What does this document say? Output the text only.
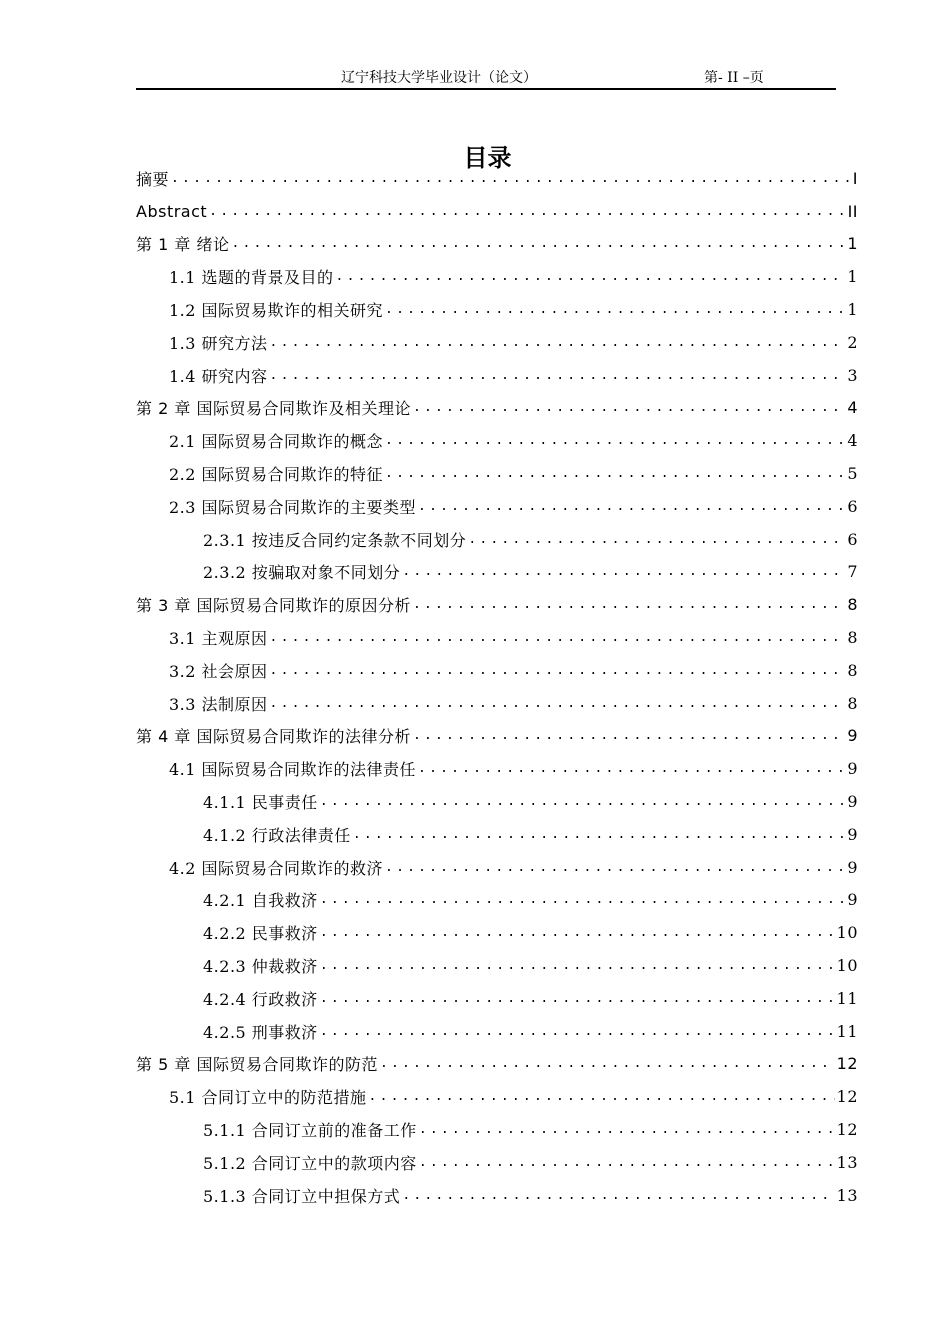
辽宁科技大学毕业设计（论文）	第- II –页
目录
摘要 .....	I
Abstract .....	II
第 1 章 绪论 .....	1
1.1 选题的背景及目的 .....	1
1.2 国际贸易欺诈的相关研究 .....	1
1.3 研究方法 .....	2
1.4 研究内容 .....	3
第 2 章 国际贸易合同欺诈及相关理论 .....	4
2.1 国际贸易合同欺诈的概念 .....	4
2.2 国际贸易合同欺诈的特征 .....	5
2.3 国际贸易合同欺诈的主要类型 .....	6
2.3.1 按违反合同约定条款不同划分 .....	6
2.3.2 按骗取对象不同划分 .....	7
第 3 章 国际贸易合同欺诈的原因分析 .....	8
3.1 主观原因 .....	8
3.2 社会原因 .....	8
3.3 法制原因 .....	8
第 4 章 国际贸易合同欺诈的法律分析 .....	9
4.1 国际贸易合同欺诈的法律责任 .....	9
4.1.1 民事责任 .....	9
4.1.2 行政法律责任 .....	9
4.2 国际贸易合同欺诈的救济 .....	9
4.2.1 自我救济 .....	9
4.2.2 民事救济 .....	10
4.2.3 仲裁救济 .....	10
4.2.4 行政救济 .....	11
4.2.5 刑事救济 .....	11
第 5 章 国际贸易合同欺诈的防范 .....	12
5.1 合同订立中的防范措施 .....	12
5.1.1 合同订立前的准备工作 .....	12
5.1.2 合同订立中的款项内容 .....	13
5.1.3 合同订立中担保方式 .....	13
